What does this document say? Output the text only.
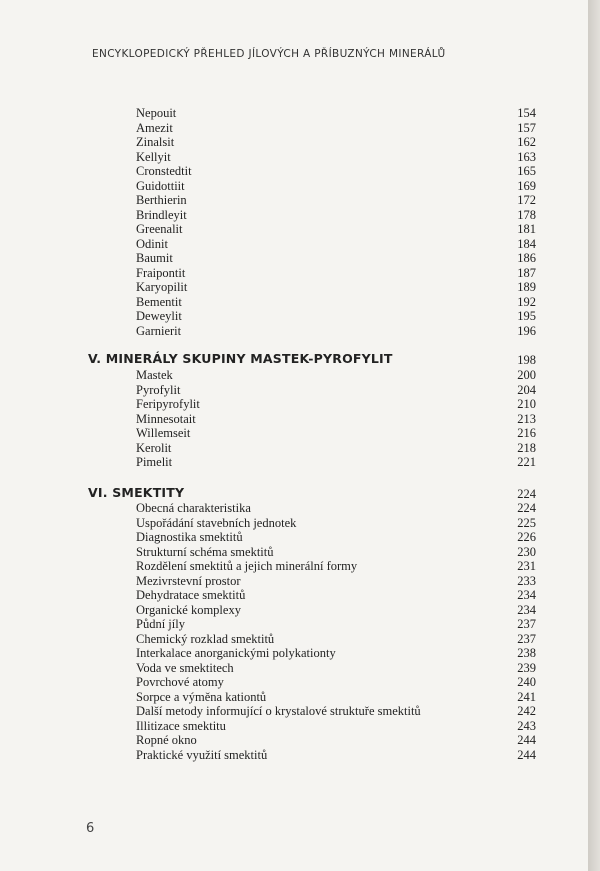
ENCYKLOPEDICKÝ PŘEHLED JÍLOVÝCH A PŘÍBUZNÝCH MINERÁLŮ
Nepouit	154
Amezit	157
Zinalsit	162
Kellyit	163
Cronstedtit	165
Guidottiit	169
Berthierin	172
Brindleyit	178
Greenalit	181
Odinit	184
Baumit	186
Fraipontit	187
Karyopilit	189
Bementit	192
Deweylit	195
Garnierit	196
V. MINERÁLY SKUPINY MASTEK-PYROFYLIT	198
Mastek	200
Pyrofylit	204
Feripyrofylit	210
Minnesotait	213
Willemseit	216
Kerolit	218
Pimelit	221
VI. SMEKTITY	224
Obecná charakteristika	224
Uspořádání stavebních jednotek	225
Diagnostika smektitů	226
Strukturní schéma smektitů	230
Rozdělení smektitů a jejich minerální formy	231
Mezivrstevní prostor	233
Dehydratace smektitů	234
Organické komplexy	234
Půdní jíly	237
Chemický rozklad smektitů	237
Interkalace anorganickými polykationty	238
Voda ve smektitech	239
Povrchové atomy	240
Sorpce a výměna kationtů	241
Další metody informující o krystalové struktuře smektitů	242
Illitizace smektitu	243
Ropné okno	244
Praktické využití smektitů	244
6
